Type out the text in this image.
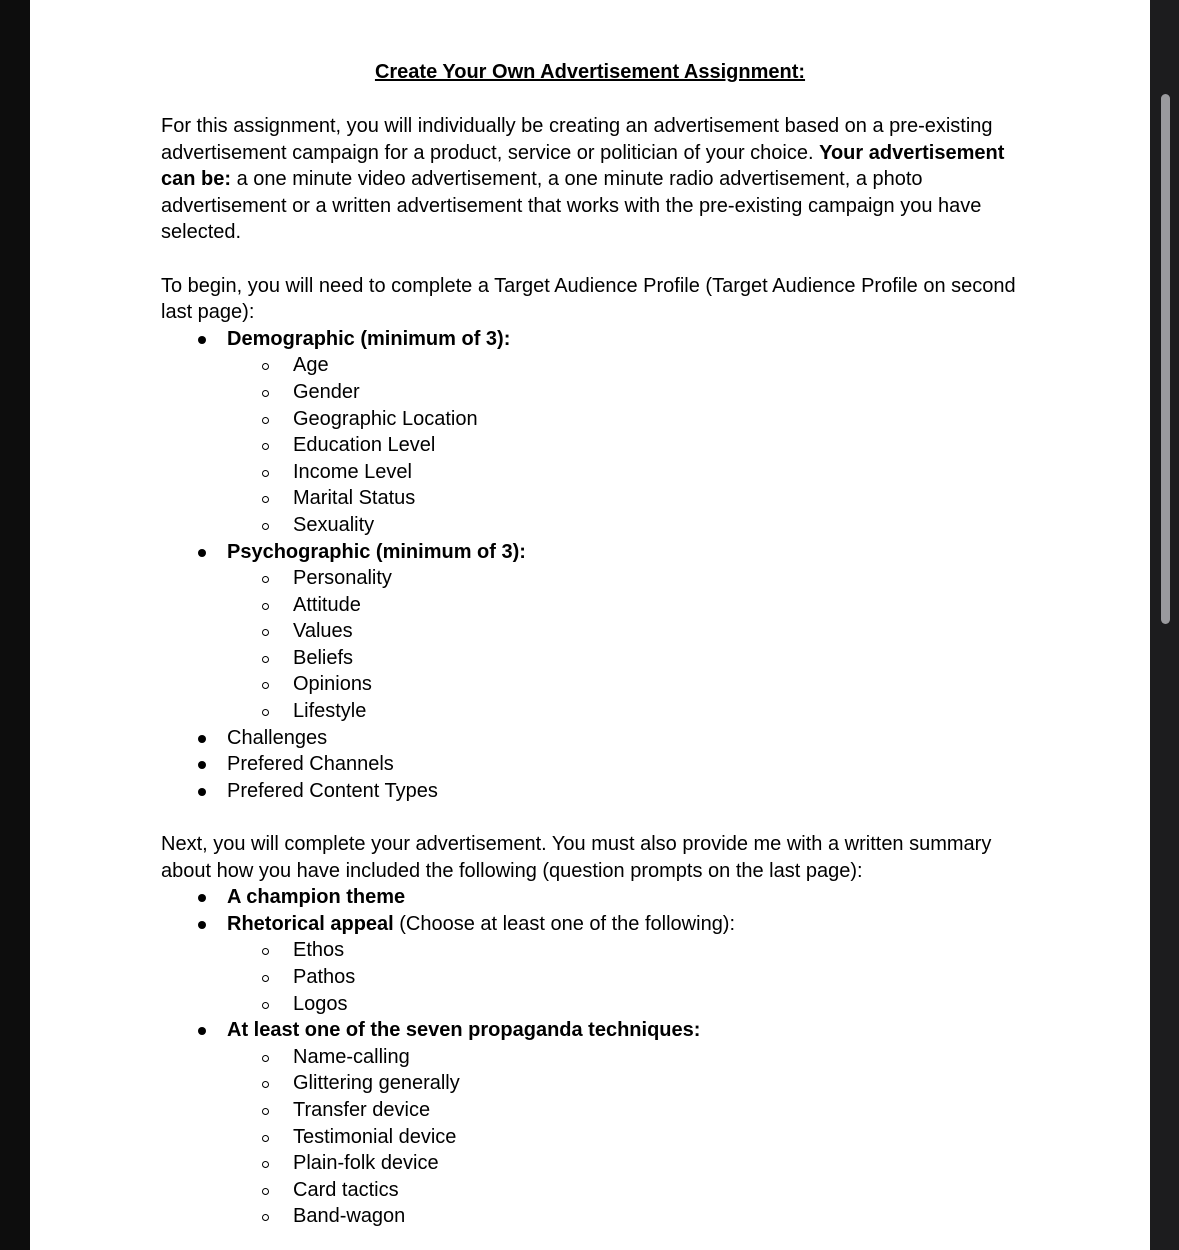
Create Your Own Advertisement Assignment:

For this assignment, you will individually be creating an advertisement based on a pre-existing advertisement campaign for a product, service or politician of your choice. Your advertisement can be: a one minute video advertisement, a one minute radio advertisement, a photo advertisement or a written advertisement that works with the pre-existing campaign you have selected.

To begin, you will need to complete a Target Audience Profile (Target Audience Profile on second last page):

Demographic (minimum of 3):
Age
Gender
Geographic Location
Education Level
Income Level
Marital Status
Sexuality
Psychographic (minimum of 3):
Personality
Attitude
Values
Beliefs
Opinions
Lifestyle
Challenges
Prefered Channels
Prefered Content Types

Next, you will complete your advertisement. You must also provide me with a written summary about how you have included the following (question prompts on the last page):

A champion theme
Rhetorical appeal (Choose at least one of the following):
Ethos
Pathos
Logos
At least one of the seven propaganda techniques:
Name-calling
Glittering generally
Transfer device
Testimonial device
Plain-folk device
Card tactics
Band-wagon
